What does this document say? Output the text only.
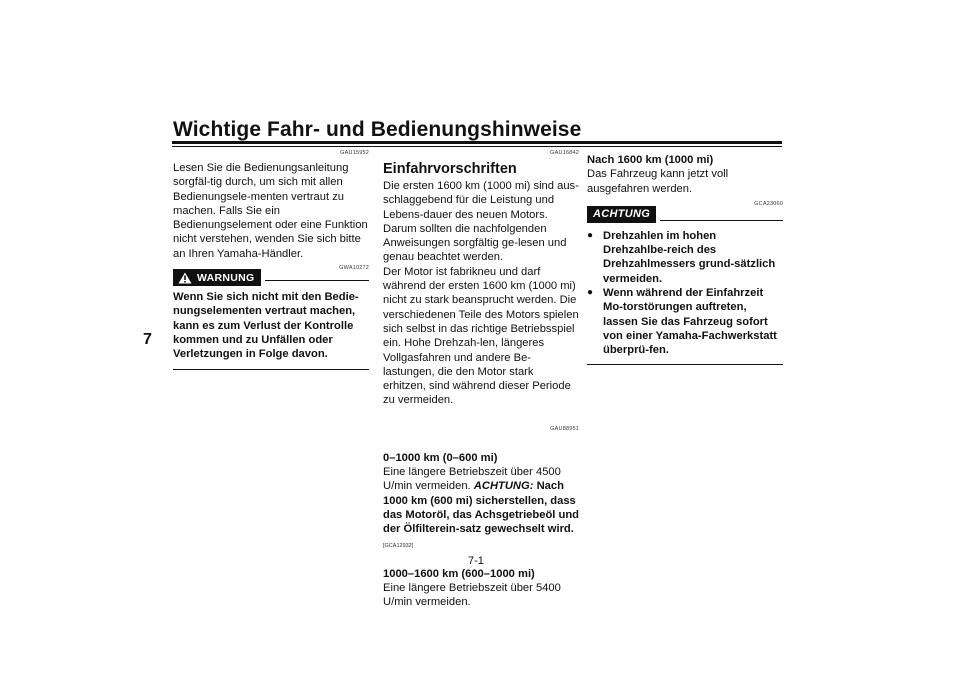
Wichtige Fahr- und Bedienungshinweise
7
GAU15952

Lesen Sie die Bedienungsanleitung sorgfäl-tig durch, um sich mit allen Bedienungsele-menten vertraut zu machen. Falls Sie ein Bedienungselement oder eine Funktion nicht verstehen, wenden Sie sich bitte an Ihren Yamaha-Händler.

GWA10272
WARNUNG

Wenn Sie sich nicht mit den Bedie-nungselementen vertraut machen, kann es zum Verlust der Kontrolle kommen und zu Unfällen oder Verletzungen in Folge davon.

GAU16842
Einfahrvorschriften

Die ersten 1600 km (1000 mi) sind aus-schlaggebend für die Leistung und Lebens-dauer des neuen Motors. Darum sollten die nachfolgenden Anweisungen sorgfältig ge-lesen und genau beachtet werden.

Der Motor ist fabrikneu und darf während der ersten 1600 km (1000 mi) nicht zu stark beansprucht werden. Die verschiedenen Teile des Motors spielen sich selbst in das richtige Betriebsspiel ein. Hohe Drehzah-len, längeres Vollgasfahren und andere Be-lastungen, die den Motor stark erhitzen, sind während dieser Periode zu vermeiden.

GAU88951

0–1000 km (0–600 mi)

Eine längere Betriebszeit über 4500 U/min vermeiden. ACHTUNG: Nach 1000 km (600 mi) sicherstellen, dass das Motoröl, das Achsgetriebeöl und der Ölfilterein-satz gewechselt wird. [GCA12932]

1000–1600 km (600–1000 mi)

Eine längere Betriebszeit über 5400 U/min vermeiden.

Nach 1600 km (1000 mi)

Das Fahrzeug kann jetzt voll ausgefahren werden.

GCA23060
ACHTUNG
● Drehzahlen im hohen Drehzahlbe-reich des Drehzahlmessers grund-sätzlich vermeiden.

● Wenn während der Einfahrzeit Mo-torstörungen auftreten, lassen Sie das Fahrzeug sofort von einer Yamaha-Fachwerkstatt überprü-fen.

7-1
